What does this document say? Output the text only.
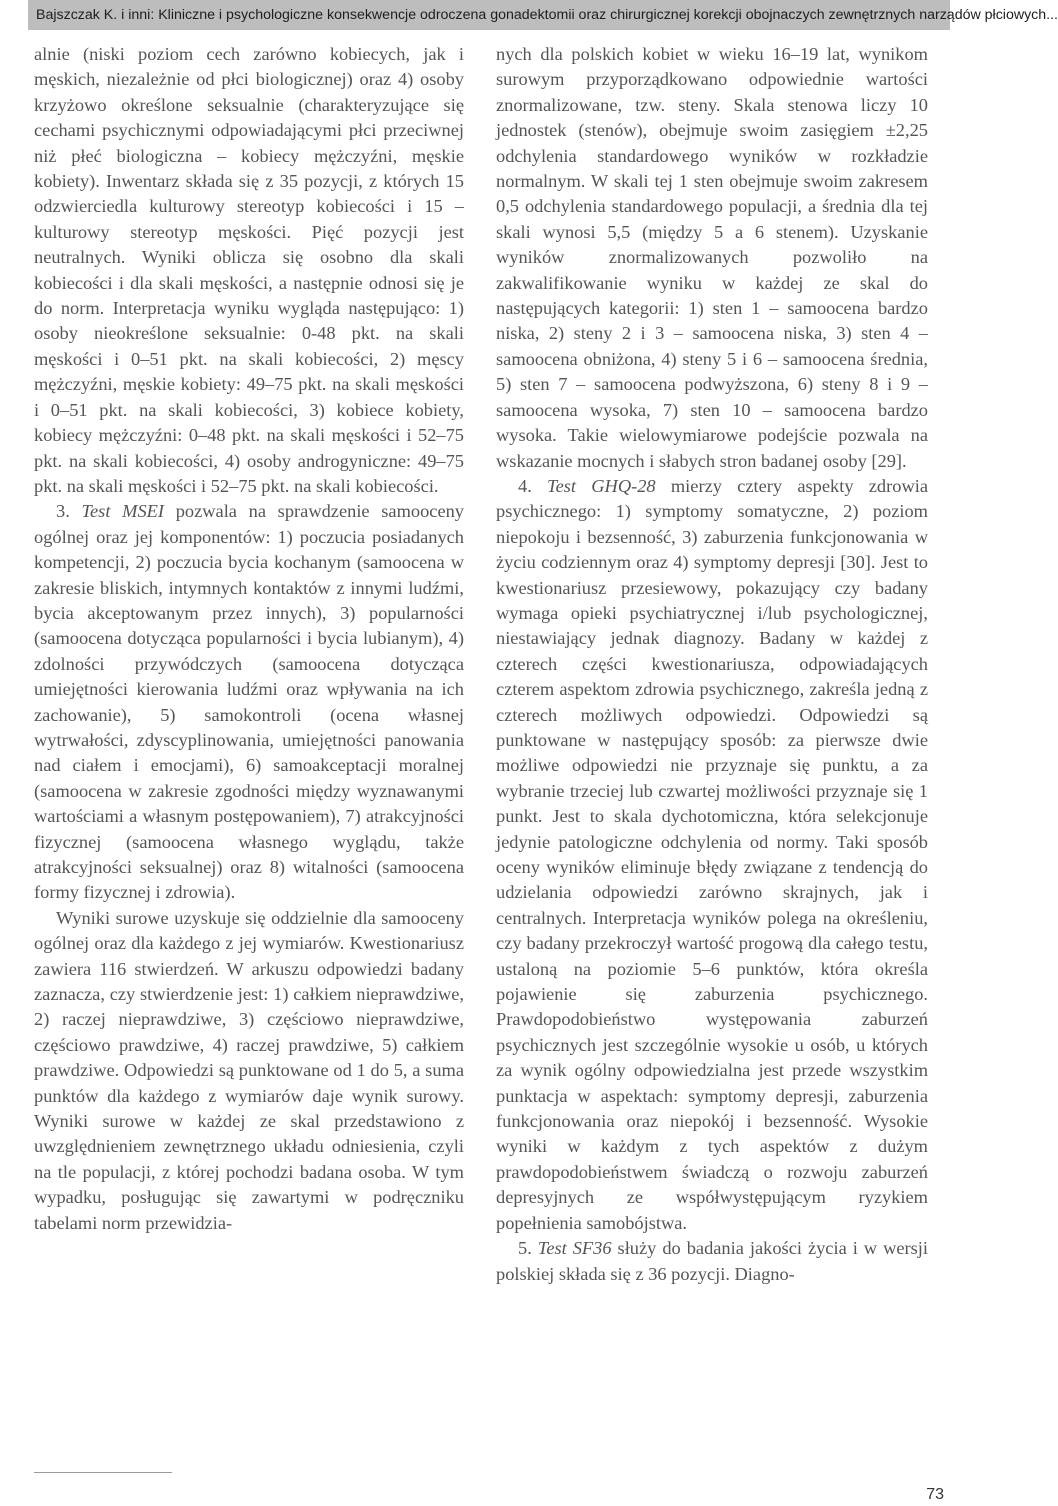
Bajszczak K. i inni: Kliniczne i psychologiczne konsekwencje odroczena gonadektomii oraz chirurgicznej korekcji obojnaczych zewnętrznych narządów płciowych...

alnie (niski poziom cech zarówno kobiecych, jak i męskich, niezależnie od płci biologicznej) oraz 4) osoby krzyżowo określone seksualnie (charakteryzujące się cechami psychicznymi odpowiadającymi płci przeciwnej niż płeć biologiczna – kobiecy mężczyźni, męskie kobiety). Inwentarz składa się z 35 pozycji, z których 15 odzwierciedla kulturowy stereotyp kobiecości i 15 – kulturowy stereotyp męskości. Pięć pozycji jest neutralnych. Wyniki oblicza się osobno dla skali kobiecości i dla skali męskości, a następnie odnosi się je do norm. Interpretacja wyniku wygląda następująco: 1) osoby nieokreślone seksualnie: 0-48 pkt. na skali męskości i 0–51 pkt. na skali kobiecości, 2) męscy mężczyźni, męskie kobiety: 49–75 pkt. na skali męskości i 0–51 pkt. na skali kobiecości, 3) kobiece kobiety, kobiecy mężczyźni: 0–48 pkt. na skali męskości i 52–75 pkt. na skali kobiecości, 4) osoby androgyniczne: 49–75 pkt. na skali męskości i 52–75 pkt. na skali kobiecości.

3. Test MSEI pozwala na sprawdzenie samooceny ogólnej oraz jej komponentów: 1) poczucia posiadanych kompetencji, 2) poczucia bycia kochanym (samoocena w zakresie bliskich, intymnych kontaktów z innymi ludźmi, bycia akceptowanym przez innych), 3) popularności (samoocena dotycząca popularności i bycia lubianym), 4) zdolności przywódczych (samoocena dotycząca umiejętności kierowania ludźmi oraz wpływania na ich zachowanie), 5) samokontroli (ocena własnej wytrwałości, zdyscyplinowania, umiejętności panowania nad ciałem i emocjami), 6) samoakceptacji moralnej (samoocena w zakresie zgodności między wyznawanymi wartościami a własnym postępowaniem), 7) atrakcyjności fizycznej (samoocena własnego wyglądu, także atrakcyjności seksualnej) oraz 8) witalności (samoocena formy fizycznej i zdrowia).

Wyniki surowe uzyskuje się oddzielnie dla samooceny ogólnej oraz dla każdego z jej wymiarów. Kwestionariusz zawiera 116 stwierdzeń. W arkuszu odpowiedzi badany zaznacza, czy stwierdzenie jest: 1) całkiem nieprawdziwe, 2) raczej nieprawdziwe, 3) częściowo nieprawdziwe, częściowo prawdziwe, 4) raczej prawdziwe, 5) całkiem prawdziwe. Odpowiedzi są punktowane od 1 do 5, a suma punktów dla każdego z wymiarów daje wynik surowy. Wyniki surowe w każdej ze skal przedstawiono z uwzględnieniem zewnętrznego układu odniesienia, czyli na tle populacji, z której pochodzi badana osoba. W tym wypadku, posługując się zawartymi w podręczniku tabelami norm przewidzia-

nych dla polskich kobiet w wieku 16–19 lat, wynikom surowym przyporządkowano odpowiednie wartości znormalizowane, tzw. steny. Skala stenowa liczy 10 jednostek (stenów), obejmuje swoim zasięgiem ±2,25 odchylenia standardowego wyników w rozkładzie normalnym. W skali tej 1 sten obejmuje swoim zakresem 0,5 odchylenia standardowego populacji, a średnia dla tej skali wynosi 5,5 (między 5 a 6 stenem). Uzyskanie wyników znormalizowanych pozwoliło na zakwalifikowanie wyniku w każdej ze skal do następujących kategorii: 1) sten 1 – samoocena bardzo niska, 2) steny 2 i 3 – samoocena niska, 3) sten 4 – samoocena obniżona, 4) steny 5 i 6 – samoocena średnia, 5) sten 7 – samoocena podwyższona, 6) steny 8 i 9 – samoocena wysoka, 7) sten 10 – samoocena bardzo wysoka. Takie wielowymiarowe podejście pozwala na wskazanie mocnych i słabych stron badanej osoby [29].

4. Test GHQ-28 mierzy cztery aspekty zdrowia psychicznego: 1) symptomy somatyczne, 2) poziom niepokoju i bezsenność, 3) zaburzenia funkcjonowania w życiu codziennym oraz 4) symptomy depresji [30]. Jest to kwestionariusz przesiewowy, pokazujący czy badany wymaga opieki psychiatrycznej i/lub psychologicznej, niestawiający jednak diagnozy. Badany w każdej z czterech części kwestionariusza, odpowiadających czterem aspektom zdrowia psychicznego, zakreśla jedną z czterech możliwych odpowiedzi. Odpowiedzi są punktowane w następujący sposób: za pierwsze dwie możliwe odpowiedzi nie przyznaje się punktu, a za wybranie trzeciej lub czwartej możliwości przyznaje się 1 punkt. Jest to skala dychotomiczna, która selekcjonuje jedynie patologiczne odchylenia od normy. Taki sposób oceny wyników eliminuje błędy związane z tendencją do udzielania odpowiedzi zarówno skrajnych, jak i centralnych. Interpretacja wyników polega na określeniu, czy badany przekroczył wartość progową dla całego testu, ustaloną na poziomie 5–6 punktów, która określa pojawienie się zaburzenia psychicznego. Prawdopodobieństwo występowania zaburzeń psychicznych jest szczególnie wysokie u osób, u których za wynik ogólny odpowiedzialna jest przede wszystkim punktacja w aspektach: symptomy depresji, zaburzenia funkcjonowania oraz niepokój i bezsenność. Wysokie wyniki w każdym z tych aspektów z dużym prawdopodobieństwem świadczą o rozwoju zaburzeń depresyjnych ze współwystępującym ryzykiem popełnienia samobójstwa.

5. Test SF36 służy do badania jakości życia i w wersji polskiej składa się z 36 pozycji. Diagno-

73
